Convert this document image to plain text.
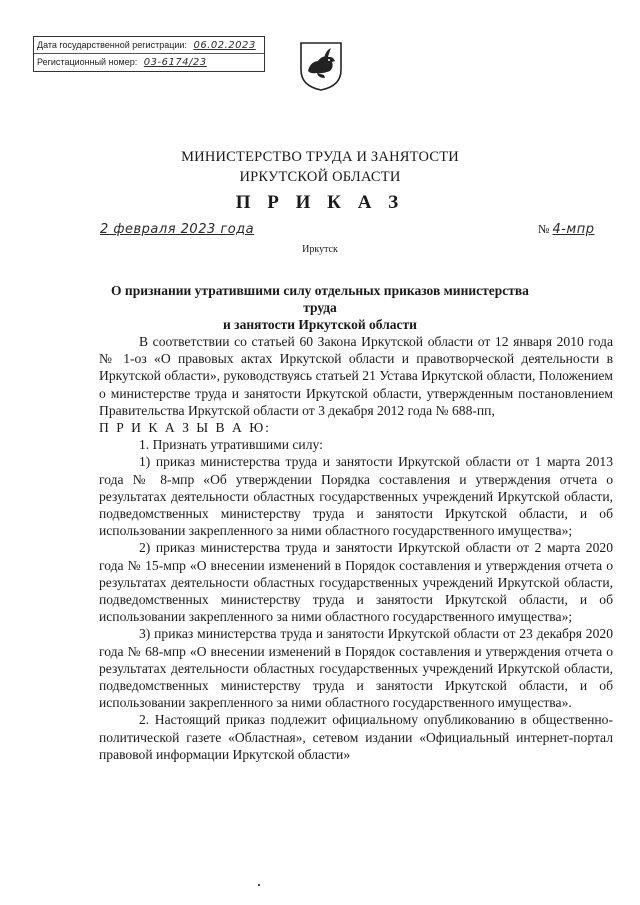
Дата государственной регистрации: 06.02.2023
Регистационный номер: 03-6174/23
МИНИСТЕРСТВО ТРУДА И ЗАНЯТОСТИ
ИРКУТСКОЙ ОБЛАСТИ
П Р И К А З
2 февраля 2023 года	№ 4-мпр
Иркутск
О признании утратившими силу отдельных приказов министерства труда
и занятости Иркутской области

В соответствии со статьей 60 Закона Иркутской области от 12 января 2010 года № 1-оз «О правовых актах Иркутской области и правотворческой деятельности в Иркутской области», руководствуясь статьей 21 Устава Иркутской области, Положением о министерстве труда и занятости Иркутской области, утвержденным постановлением Правительства Иркутской области от 3 декабря 2012 года № 688-пп,

П Р И К А З Ы В А Ю:

1. Признать утратившими силу:

1) приказ министерства труда и занятости Иркутской области от 1 марта 2013 года № 8-мпр «Об утверждении Порядка составления и утверждения отчета о результатах деятельности областных государственных учреждений Иркутской области, подведомственных министерству труда и занятости Иркутской области, и об использовании закрепленного за ними областного государственного имущества»;

2) приказ министерства труда и занятости Иркутской области от 2 марта 2020 года № 15-мпр «О внесении изменений в Порядок составления и утверждения отчета о результатах деятельности областных государственных учреждений Иркутской области, подведомственных министерству труда и занятости Иркутской области, и об использовании закрепленного за ними областного государственного имущества»;

3) приказ министерства труда и занятости Иркутской области от 23 декабря 2020 года № 68-мпр «О внесении изменений в Порядок составления и утверждения отчета о результатах деятельности областных государственных учреждений Иркутской области, подведомственных министерству труда и занятости Иркутской области, и об использовании закрепленного за ними областного государственного имущества».

2. Настоящий приказ подлежит официальному опубликованию в общественно-политической газете «Областная», сетевом издании «Официальный интернет-портал правовой информации Иркутской области»
